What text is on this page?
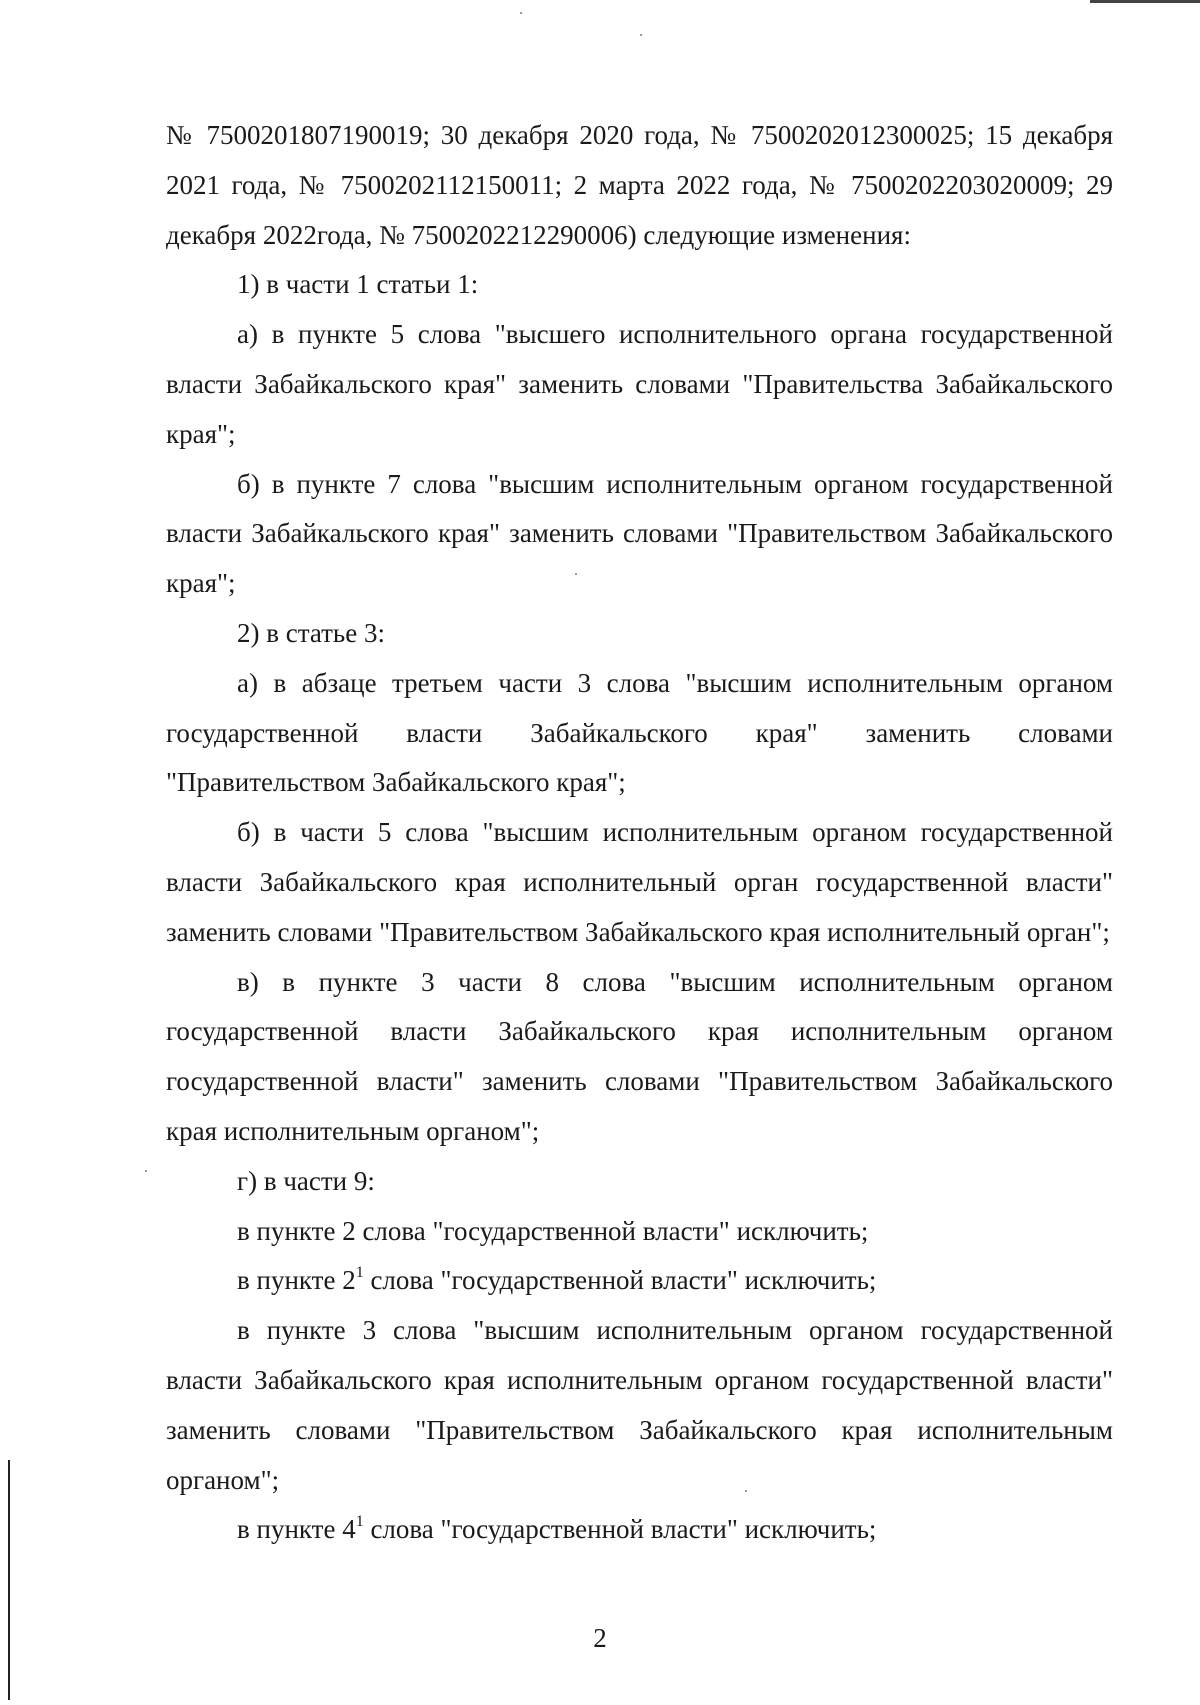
№ 7500201807190019; 30 декабря 2020 года, № 7500202012300025; 15 декабря 2021 года, № 7500202112150011; 2 марта 2022 года, № 7500202203020009; 29 декабря 2022года, № 7500202212290006) следующие изменения:

1) в части 1 статьи 1:

а) в пункте 5 слова "высшего исполнительного органа государственной власти Забайкальского края" заменить словами "Правительства Забайкальского края";

б) в пункте 7 слова "высшим исполнительным органом государственной власти Забайкальского края" заменить словами "Правительством Забайкальского края";

2) в статье 3:

а) в абзаце третьем части 3 слова "высшим исполнительным органом государственной власти Забайкальского края" заменить словами "Правительством Забайкальского края";

б) в части 5 слова "высшим исполнительным органом государственной власти Забайкальского края исполнительный орган государственной власти" заменить словами "Правительством Забайкальского края исполнительный орган";

в) в пункте 3 части 8 слова "высшим исполнительным органом государственной власти Забайкальского края исполнительным органом государственной власти" заменить словами "Правительством Забайкальского края исполнительным органом";

г) в части 9:

в пункте 2 слова "государственной власти" исключить;

в пункте $2^1$ слова "государственной власти" исключить;

в пункте 3 слова "высшим исполнительным органом государственной власти Забайкальского края исполнительным органом государственной власти" заменить словами "Правительством Забайкальского края исполнительным органом";

в пункте $4^1$ слова "государственной власти" исключить;

2
